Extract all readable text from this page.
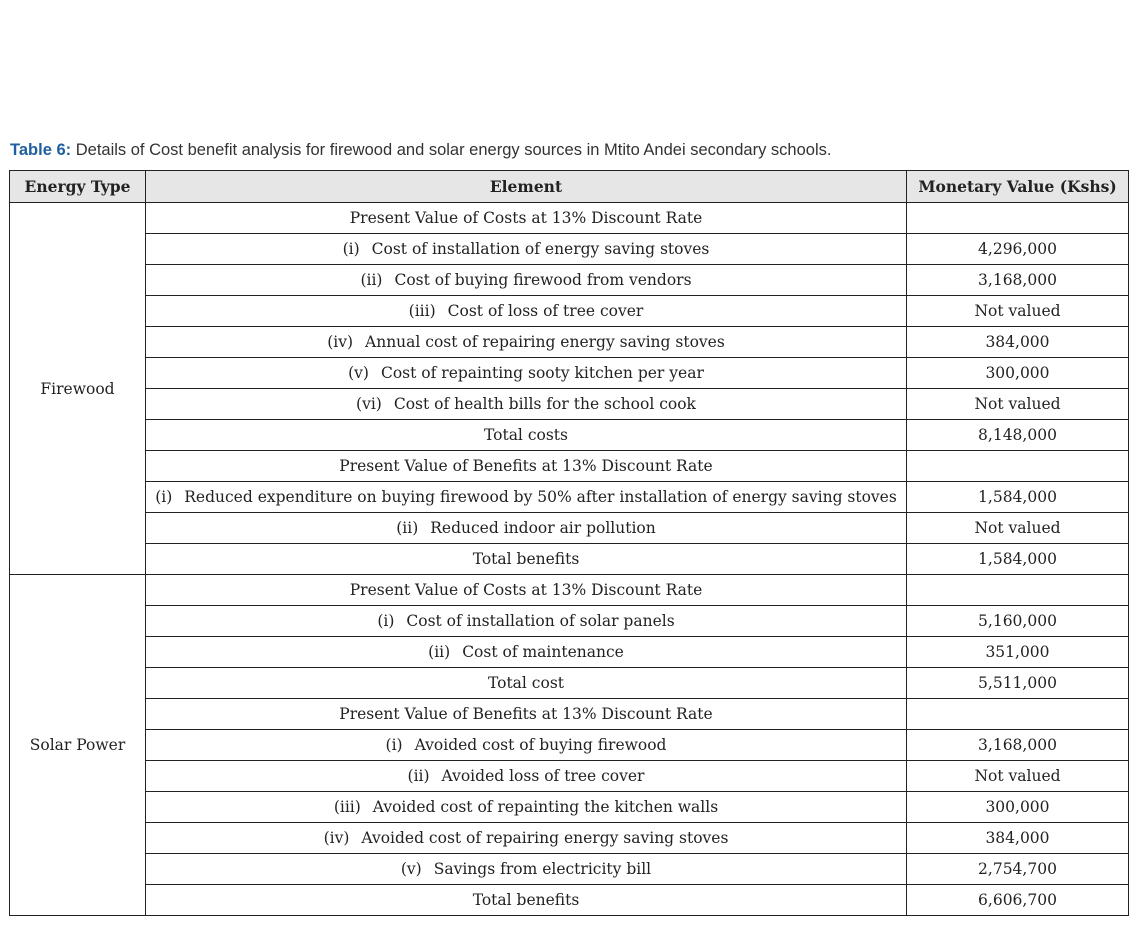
Table 6: Details of Cost benefit analysis for firewood and solar energy sources in Mtito Andei secondary schools.
Energy Type	Element	Monetary Value (Kshs)
Firewood	Present Value of Costs at 13% Discount Rate	
	(i) Cost of installation of energy saving stoves	4,296,000
	(ii) Cost of buying firewood from vendors	3,168,000
	(iii) Cost of loss of tree cover	Not valued
	(iv) Annual cost of repairing energy saving stoves	384,000
	(v) Cost of repainting sooty kitchen per year	300,000
	(vi) Cost of health bills for the school cook	Not valued
	Total costs	8,148,000
	Present Value of Benefits at 13% Discount Rate	
	(i) Reduced expenditure on buying firewood by 50% after installation of energy saving stoves	1,584,000
	(ii) Reduced indoor air pollution	Not valued
	Total benefits	1,584,000
Solar Power	Present Value of Costs at 13% Discount Rate	
	(i) Cost of installation of solar panels	5,160,000
	(ii) Cost of maintenance	351,000
	Total cost	5,511,000
	Present Value of Benefits at 13% Discount Rate	
	(i) Avoided cost of buying firewood	3,168,000
	(ii) Avoided loss of tree cover	Not valued
	(iii) Avoided cost of repainting the kitchen walls	300,000
	(iv) Avoided cost of repairing energy saving stoves	384,000
	(v) Savings from electricity bill	2,754,700
	Total benefits	6,606,700
